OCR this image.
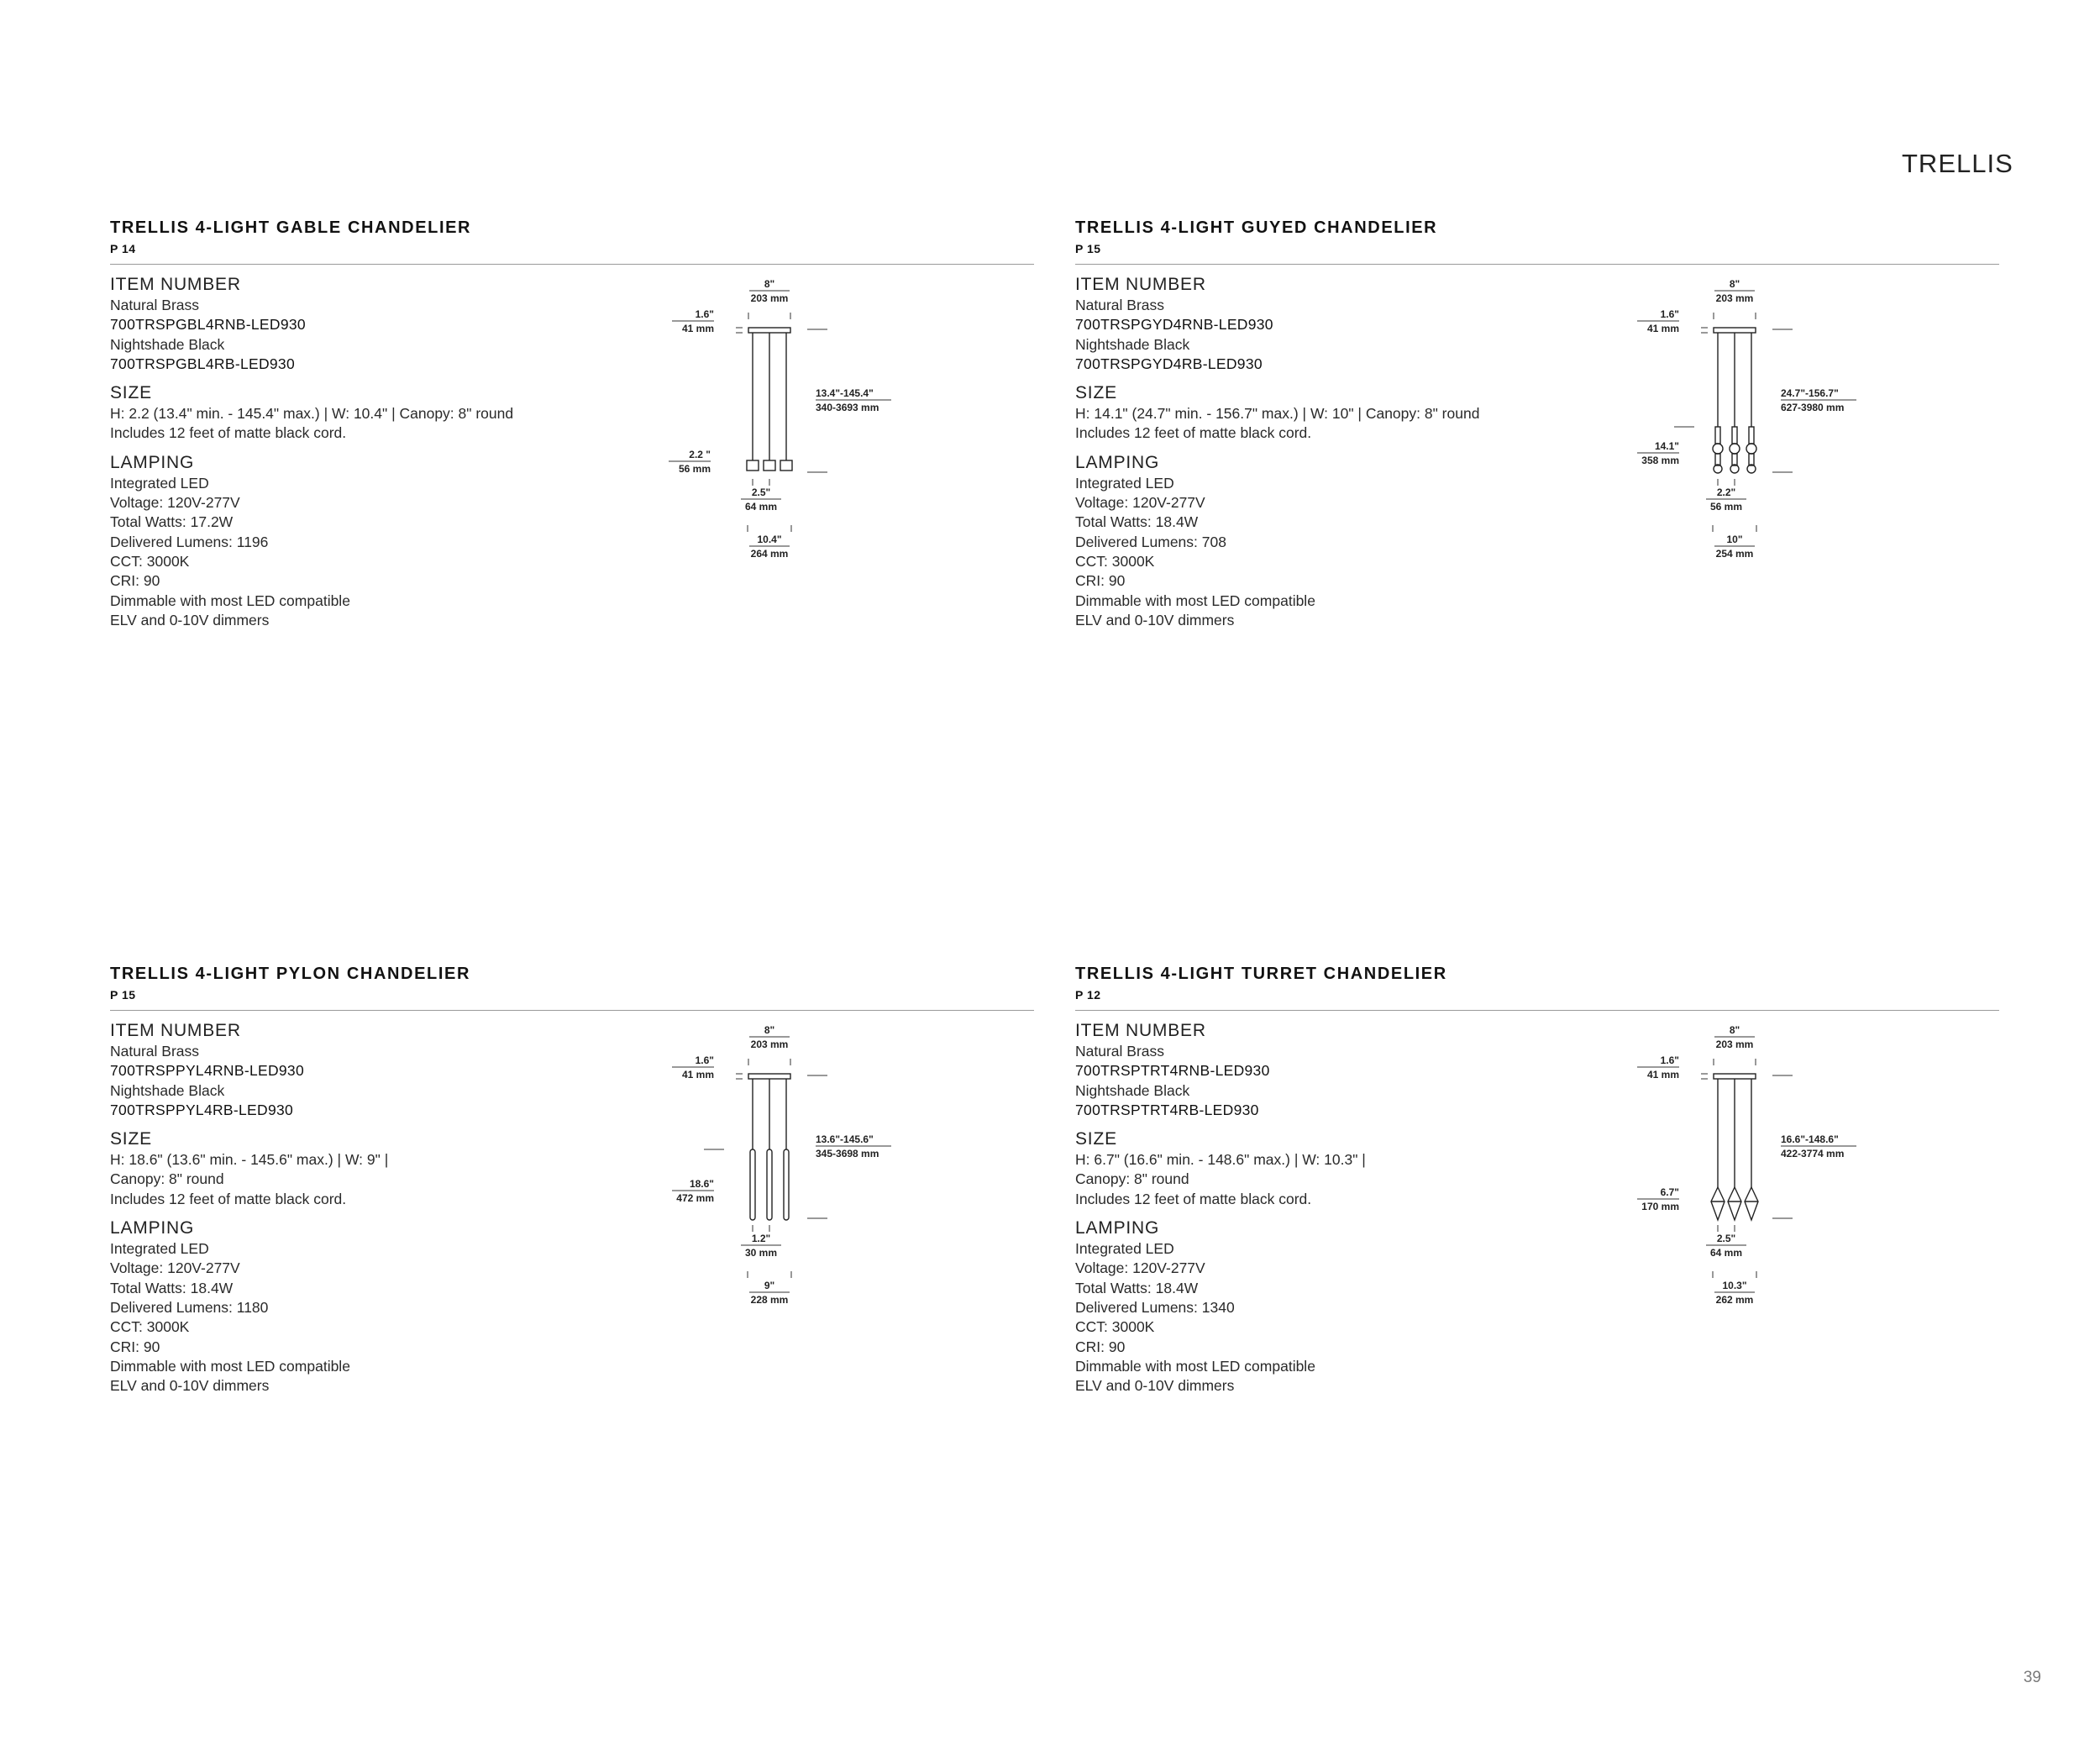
TRELLIS
TRELLIS 4-LIGHT GABLE CHANDELIER
P 14
ITEM NUMBER
Natural Brass
700TRSPGBL4RNB-LED930
Nightshade Black
700TRSPGBL4RB-LED930
SIZE
H: 2.2 (13.4" min. - 145.4" max.) | W: 10.4" | Canopy: 8" round
Includes 12 feet of matte black cord.
LAMPING
Integrated LED
Voltage: 120V-277V
Total Watts: 17.2W
Delivered Lumens: 1196
CCT: 3000K
CRI: 90
Dimmable with most LED compatible
ELV and 0-10V dimmers
8"
203 mm
1.6"
41 mm
13.4"-145.4"
340-3693 mm
2.2 "
56 mm
2.5"
64 mm
10.4"
264 mm
TRELLIS 4-LIGHT GUYED CHANDELIER
P 15
ITEM NUMBER
Natural Brass
700TRSPGYD4RNB-LED930
Nightshade Black
700TRSPGYD4RB-LED930
SIZE
H: 14.1" (24.7" min. - 156.7" max.) | W: 10" | Canopy: 8" round
Includes 12 feet of matte black cord.
LAMPING
Integrated LED
Voltage: 120V-277V
Total Watts: 18.4W
Delivered Lumens: 708
CCT: 3000K
CRI: 90
Dimmable with most LED compatible
ELV and 0-10V dimmers
8"
203 mm
1.6"
41 mm
24.7"-156.7"
627-3980 mm
14.1"
358 mm
2.2"
56 mm
10"
254 mm
TRELLIS 4-LIGHT PYLON CHANDELIER
P 15
ITEM NUMBER
Natural Brass
700TRSPPYL4RNB-LED930
Nightshade Black
700TRSPPYL4RB-LED930
SIZE
H: 18.6" (13.6" min. - 145.6" max.) | W: 9" |
Canopy: 8" round
Includes 12 feet of matte black cord.
LAMPING
Integrated LED
Voltage: 120V-277V
Total Watts: 18.4W
Delivered Lumens: 1180
CCT: 3000K
CRI: 90
Dimmable with most LED compatible
ELV and 0-10V dimmers
8"
203 mm
1.6"
41 mm
13.6"-145.6"
345-3698 mm
18.6"
472 mm
1.2"
30 mm
9"
228 mm
TRELLIS 4-LIGHT TURRET CHANDELIER
P 12
ITEM NUMBER
Natural Brass
700TRSPTRT4RNB-LED930
Nightshade Black
700TRSPTRT4RB-LED930
SIZE
H: 6.7" (16.6" min. - 148.6" max.) | W: 10.3" |
Canopy: 8" round
Includes 12 feet of matte black cord.
LAMPING
Integrated LED
Voltage: 120V-277V
Total Watts: 18.4W
Delivered Lumens: 1340
CCT: 3000K
CRI: 90
Dimmable with most LED compatible
ELV and 0-10V dimmers
8"
203 mm
1.6"
41 mm
16.6"-148.6"
422-3774 mm
6.7"
170 mm
2.5"
64 mm
10.3"
262 mm
39
